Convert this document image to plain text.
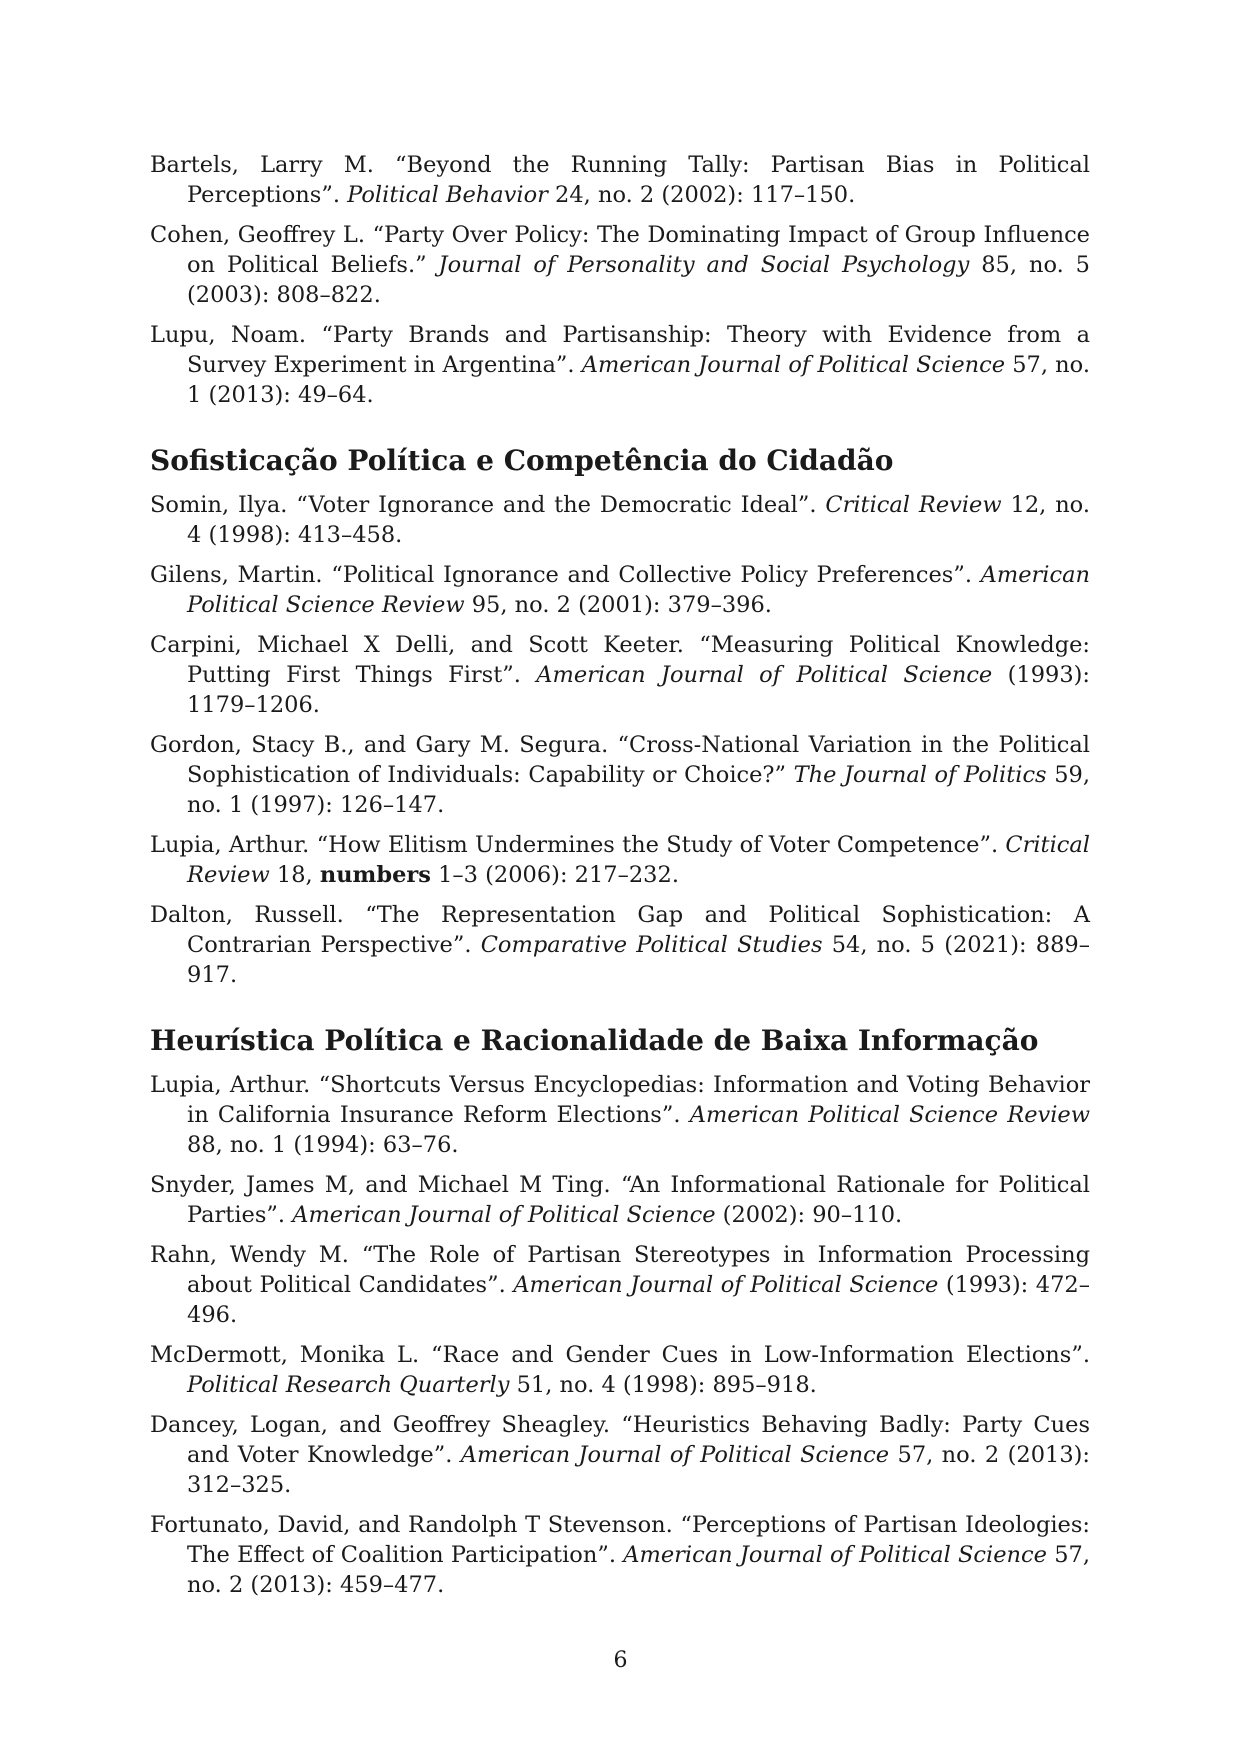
Bartels, Larry M. “Beyond the Running Tally: Partisan Bias in Political Perceptions”. Political Behavior 24, no. 2 (2002): 117–150.

Cohen, Geoffrey L. “Party Over Policy: The Dominating Impact of Group Influence on Political Beliefs.” Journal of Personality and Social Psychology 85, no. 5 (2003): 808–822.

Lupu, Noam. “Party Brands and Partisanship: Theory with Evidence from a Survey Experiment in Argentina”. American Journal of Political Science 57, no. 1 (2013): 49–64.

Sofisticação Política e Competência do Cidadão

Somin, Ilya. “Voter Ignorance and the Democratic Ideal”. Critical Review 12, no. 4 (1998): 413–458.

Gilens, Martin. “Political Ignorance and Collective Policy Preferences”. American Political Science Review 95, no. 2 (2001): 379–396.

Carpini, Michael X Delli, and Scott Keeter. “Measuring Political Knowledge: Putting First Things First”. American Journal of Political Science (1993): 1179–1206.

Gordon, Stacy B., and Gary M. Segura. “Cross-National Variation in the Political Sophistication of Individuals: Capability or Choice?” The Journal of Politics 59, no. 1 (1997): 126–147.

Lupia, Arthur. “How Elitism Undermines the Study of Voter Competence”. Critical Review 18, numbers 1–3 (2006): 217–232.

Dalton, Russell. “The Representation Gap and Political Sophistication: A Contrarian Perspective”. Comparative Political Studies 54, no. 5 (2021): 889–917.

Heurística Política e Racionalidade de Baixa Informação

Lupia, Arthur. “Shortcuts Versus Encyclopedias: Information and Voting Behavior in California Insurance Reform Elections”. American Political Science Review 88, no. 1 (1994): 63–76.

Snyder, James M, and Michael M Ting. “An Informational Rationale for Political Parties”. American Journal of Political Science (2002): 90–110.

Rahn, Wendy M. “The Role of Partisan Stereotypes in Information Processing about Political Candidates”. American Journal of Political Science (1993): 472–496.

McDermott, Monika L. “Race and Gender Cues in Low-Information Elections”. Political Research Quarterly 51, no. 4 (1998): 895–918.

Dancey, Logan, and Geoffrey Sheagley. “Heuristics Behaving Badly: Party Cues and Voter Knowledge”. American Journal of Political Science 57, no. 2 (2013): 312–325.

Fortunato, David, and Randolph T Stevenson. “Perceptions of Partisan Ideologies: The Effect of Coalition Participation”. American Journal of Political Science 57, no. 2 (2013): 459–477.

6
